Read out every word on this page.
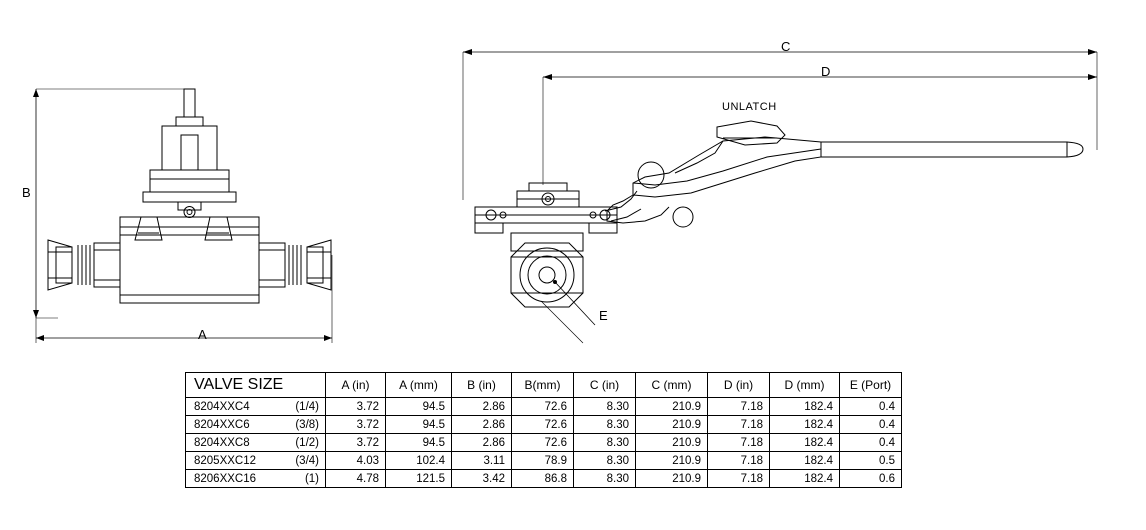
B
A
C
D
E
UNLATCH
VALVE SIZE	A (in)	A (mm)	B (in)	B(mm)	C (in)	C (mm)	D (in)	D (mm)	E (Port)
8204XXC4 (1/4)	3.72	94.5	2.86	72.6	8.30	210.9	7.18	182.4	0.4
8204XXC6 (3/8)	3.72	94.5	2.86	72.6	8.30	210.9	7.18	182.4	0.4
8204XXC8 (1/2)	3.72	94.5	2.86	72.6	8.30	210.9	7.18	182.4	0.4
8205XXC12 (3/4)	4.03	102.4	3.11	78.9	8.30	210.9	7.18	182.4	0.5
8206XXC16 (1)	4.78	121.5	3.42	86.8	8.30	210.9	7.18	182.4	0.6
